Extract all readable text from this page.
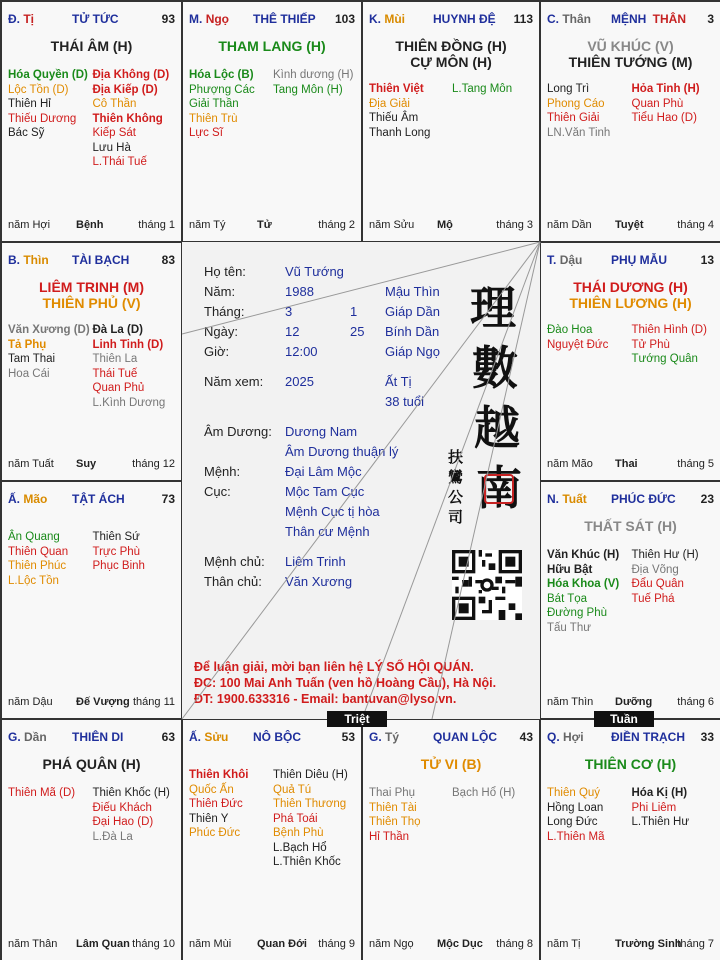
Đ. Tị	TỬ TỨC	93
THÁI ÂM (H)
Hóa Quyền (D)
Lộc Tồn (D)
Thiên Hỉ
Thiếu Dương
Bác Sỹ
Địa Không (D)
Địa Kiếp (D)
Cô Thần
Thiên Không
Kiếp Sát
Lưu Hà
L.Thái Tuế
năm Hợi Bệnh	tháng 1
M. Ngọ THÊ THIẾP 103
THAM LANG (H)
Hóa Lộc (B)
Phượng Các
Giải Thần
Thiên Trù
Lực Sĩ
Kình dương (H)
Tang Môn (H)
năm Tý	Tử	tháng 2
K. Mùi HUYNH ĐỆ 113
THIÊN ĐỒNG (H)
CỰ MÔN (H)
Thiên Việt
Địa Giải
Thiếu Âm
Thanh Long
L.Tang Môn
năm Sửu Mộ	tháng 3
C. Thân MỆNH THÂN 3
VŨ KHÚC (V)
THIÊN TƯỚNG (M)
Long Trì
Phong Cáo
Thiên Giải
LN.Văn Tinh
Hỏa Tinh (H)
Quan Phù
Tiểu Hao (D)
năm Dần Tuyệt	tháng 4
B. Thìn TÀI BẠCH	83
LIÊM TRINH (M)
THIÊN PHỦ (V)
Văn Xương (D)
Tả Phụ
Tam Thai
Hoa Cái
Đà La (D)
Linh Tinh (D)
Thiên La
Thái Tuế
Quan Phủ
L.Kình Dương
năm Tuất Suy	tháng 12
T. Dậu PHỤ MẪU	13
THÁI DƯƠNG (H)
THIÊN LƯƠNG (H)
Đào Hoa
Nguyệt Đức
Thiên Hình (D)
Tử Phù
Tướng Quân
năm Mão Thai	tháng 5
Ấ. Mão TẬT ÁCH	73
Ân Quang
Thiên Quan
Thiên Phúc
L.Lộc Tồn
Thiên Sứ
Trực Phù
Phục Binh
năm Dậu Đế Vượng tháng 11
N. Tuất PHÚC ĐỨC 23
THẤT SÁT (H)
Văn Khúc (H)
Hữu Bật
Hóa Khoa (V)
Bát Tọa
Đường Phù
Tấu Thư
Thiên Hư (H)
Địa Võng
Đẩu Quân
Tuế Phá
năm Thìn Dưỡng tháng 6
G. Dần THIÊN DI	63
PHÁ QUÂN (H)
Thiên Mã (D)	Thiên Khốc (H)
Điếu Khách
Đại Hao (D)
L.Đà La
năm Thân Lâm Quan tháng 10
Ấ. Sửu NÔ BỘC	53
Thiên Khôi
Quốc Ấn
Thiên Đức
Thiên Y
Phúc Đức
Thiên Diêu (H)
Quả Tú
Thiên Thương
Phá Toái
Bệnh Phù
L.Bạch Hổ
L.Thiên Khốc
năm Mùi Quan Đới tháng 9
G. Tý	QUAN LỘC 43
TỬ VI (B)
Thai Phụ
Thiên Tài
Thiên Thọ
Hỉ Thần
Bạch Hổ (H)
năm Ngọ Mộc Dục tháng 8
Q. Hợi ĐIỀN TRẠCH 33
THIÊN CƠ (H)
Thiên Quý
Hồng Loan
Long Đức
L.Thiên Mã
Hóa Kị (H)
Phi Liêm
L.Thiên Hư
năm Tị	Trường Sinh
tháng 7
Họ tên:	Vũ Tướng
Năm:	1988	Mậu Thìn
Tháng:	3	1 Giáp Dần
Ngày:	12	25 Bính Dần
Giờ:	12:00	Giáp Ngọ
Năm xem: 2025	Ất Tị
38 tuổi
Âm Dương: Dương Nam
Âm Dương thuận lý
Mệnh:	Đại Lâm Mộc
Cục:	Mộc Tam Cục
Mệnh Cục tị hòa
Thân cư Mệnh
Mệnh chủ: Liêm Trinh
Thân chủ: Văn Xương
理
數
越
南
扶
鸞
公
司
Để luận giải, mời bạn liên hệ LÝ SỐ HỘI QUÁN.
ĐC: 100 Mai Anh Tuấn (ven hồ Hoàng Cầu), Hà Nội.
ĐT: 1900.633316 - Email: bantuvan@lyso.vn.
Triệt	Tuần
